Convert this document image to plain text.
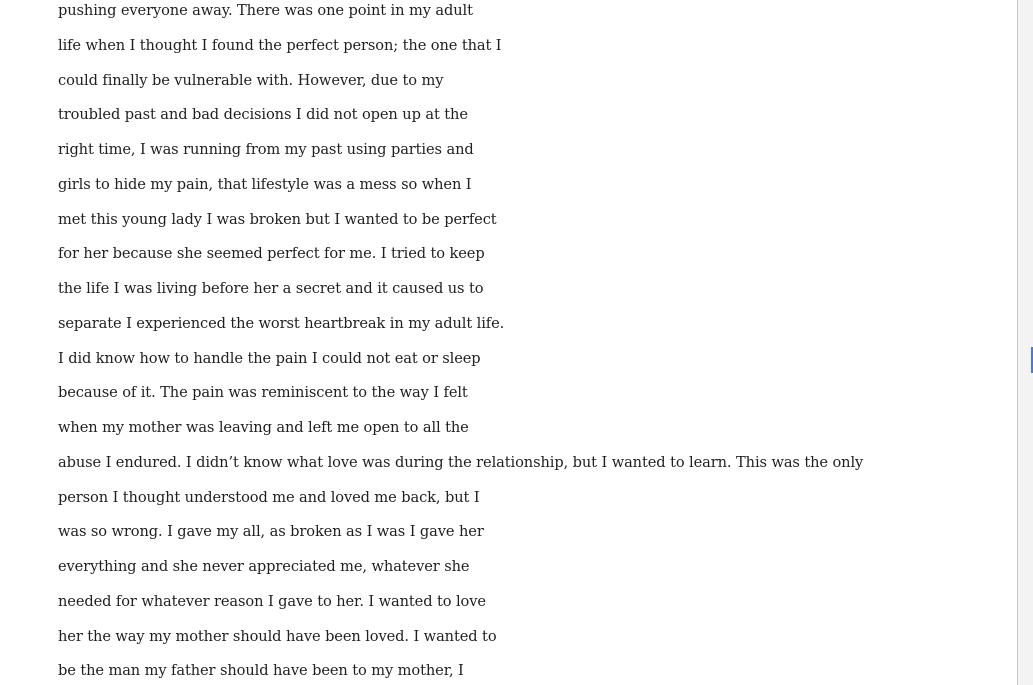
pushing everyone away. There was one point in my adult
life when I thought I found the perfect person; the one that I
could finally be vulnerable with. However, due to my
troubled past and bad decisions I did not open up at the
right time, I was running from my past using parties and
girls to hide my pain, that lifestyle was a mess so when I
met this young lady I was broken but I wanted to be perfect
for her because she seemed perfect for me. I tried to keep
the life I was living before her a secret and it caused us to
separate I experienced the worst heartbreak in my adult life.
I did know how to handle the pain I could not eat or sleep
because of it. The pain was reminiscent to the way I felt
when my mother was leaving and left me open to all the
abuse I endured. I didn’t know what love was during the relationship, but I wanted to learn. This was the only
person I thought understood me and loved me back, but I
was so wrong. I gave my all, as broken as I was I gave her
everything and she never appreciated me, whatever she
needed for whatever reason I gave to her. I wanted to love
her the way my mother should have been loved. I wanted to
be the man my father should have been to my mother, I
